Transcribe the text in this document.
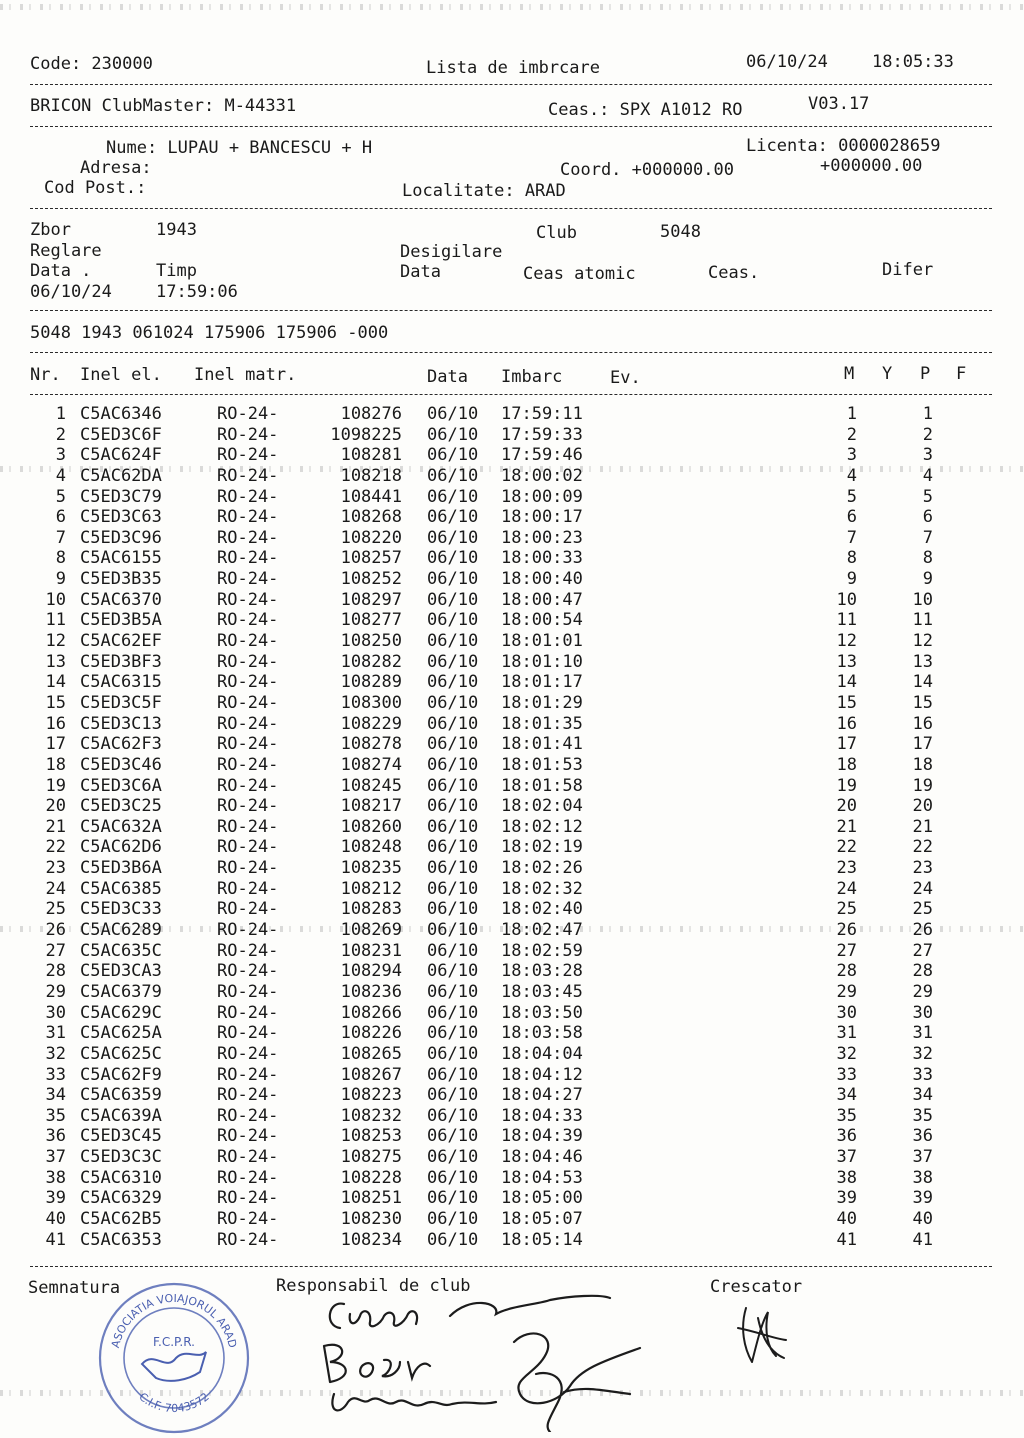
Code: 230000	Lista de imbrcare	06/10/24	18:05:33
BRICON ClubMaster: M-44331	Ceas.: SPX A1012 RO	V03.17
Nume: LUPAU + BANCESCU + H	Licenta: 0000028659
Adresa:	Coord. +000000.00	+000000.00
Cod Post.:	Localitate: ARAD
Zbor	1943	Club	5048
Reglare	Desigilare
Data .	Timp	Data	Ceas atomic	Ceas.	Difer
06/10/24	17:59:06
5048 1943 061024 175906 175906 -000
Nr. Inel el. Inel matr.	Data Imbarc	Ev.	M Y P F
1 C5AC6346	RO-24-	108276 06/10 17:59:11	1	1
2 C5ED3C6F	RO-24-	1098225 06/10 17:59:33	2	2
3 C5AC624F	RO-24-	108281 06/10 17:59:46	3	3
4 C5AC62DA	RO-24-	108218 06/10 18:00:02	4	4
5 C5ED3C79	RO-24-	108441 06/10 18:00:09	5	5
6 C5ED3C63	RO-24-	108268 06/10 18:00:17	6	6
7 C5ED3C96	RO-24-	108220 06/10 18:00:23	7	7
8 C5AC6155	RO-24-	108257 06/10 18:00:33	8	8
9 C5ED3B35	RO-24-	108252 06/10 18:00:40	9	9
10 C5AC6370	RO-24-	108297 06/10 18:00:47	10	10
11 C5ED3B5A	RO-24-	108277 06/10 18:00:54	11	11
12 C5AC62EF	RO-24-	108250 06/10 18:01:01	12	12
13 C5ED3BF3	RO-24-	108282 06/10 18:01:10	13	13
14 C5AC6315	RO-24-	108289 06/10 18:01:17	14	14
15 C5ED3C5F	RO-24-	108300 06/10 18:01:29	15	15
16 C5ED3C13	RO-24-	108229 06/10 18:01:35	16	16
17 C5AC62F3	RO-24-	108278 06/10 18:01:41	17	17
18 C5ED3C46	RO-24-	108274 06/10 18:01:53	18	18
19 C5ED3C6A	RO-24-	108245 06/10 18:01:58	19	19
20 C5ED3C25	RO-24-	108217 06/10 18:02:04	20	20
21 C5AC632A	RO-24-	108260 06/10 18:02:12	21	21
22 C5AC62D6	RO-24-	108248 06/10 18:02:19	22	22
23 C5ED3B6A	RO-24-	108235 06/10 18:02:26	23	23
24 C5AC6385	RO-24-	108212 06/10 18:02:32	24	24
25 C5ED3C33	RO-24-	108283 06/10 18:02:40	25	25
26 C5AC6289	RO-24-	108269 06/10 18:02:47	26	26
27 C5AC635C	RO-24-	108231 06/10 18:02:59	27	27
28 C5ED3CA3	RO-24-	108294 06/10 18:03:28	28	28
29 C5AC6379	RO-24-	108236 06/10 18:03:45	29	29
30 C5AC629C	RO-24-	108266 06/10 18:03:50	30	30
31 C5AC625A	RO-24-	108226 06/10 18:03:58	31	31
32 C5AC625C	RO-24-	108265 06/10 18:04:04	32	32
33 C5AC62F9	RO-24-	108267 06/10 18:04:12	33	33
34 C5AC6359	RO-24-	108223 06/10 18:04:27	34	34
35 C5AC639A	RO-24-	108232 06/10 18:04:33	35	35
36 C5ED3C45	RO-24-	108253 06/10 18:04:39	36	36
37 C5ED3C3C	RO-24-	108275 06/10 18:04:46	37	37
38 C5AC6310	RO-24-	108228 06/10 18:04:53	38	38
39 C5AC6329	RO-24-	108251 06/10 18:05:00	39	39
40 C5AC62B5	RO-24-	108230 06/10 18:05:07	40	40
41 C5AC6353	RO-24-	108234 06/10 18:05:14	41	41
Semnatura	Responsabil de club	Crescator
ASOCIATIA VOIAJORUL ARAD
F.C.P.R.
C.I.F. 7043572
